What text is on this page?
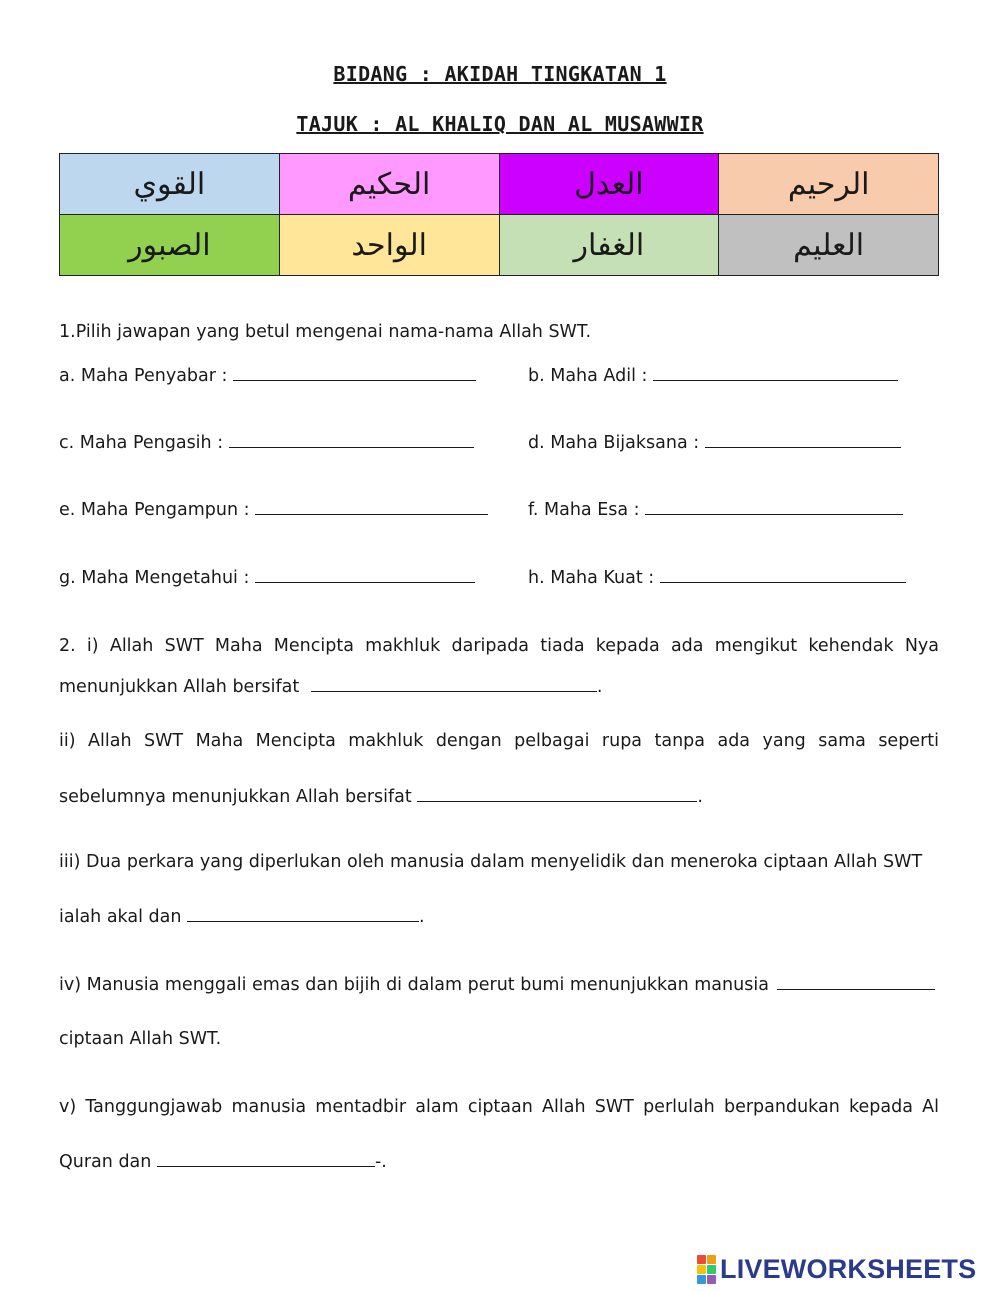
BIDANG : AKIDAH TINGKATAN 1
TAJUK : AL KHALIQ DAN AL MUSAWWIR
القوي	الحكيم	العدل	الرحيم
الصبور	الواحد	الغفار	العليم
1.Pilih jawapan yang betul mengenai nama-nama Allah SWT.
a. Maha Penyabar :	b. Maha Adil :
c. Maha Pengasih :	d. Maha Bijaksana :
e. Maha Pengampun :	f. Maha Esa :
g. Maha Mengetahui :	h. Maha Kuat :
2. i) Allah SWT Maha Mencipta makhluk daripada tiada kepada ada mengikut kehendak Nya
menunjukkan Allah bersifat	.
ii) Allah SWT Maha Mencipta makhluk dengan pelbagai rupa tanpa ada yang sama seperti
sebelumnya menunjukkan Allah bersifat	.
iii) Dua perkara yang diperlukan oleh manusia dalam menyelidik dan meneroka ciptaan Allah SWT
ialah akal dan	.
iv) Manusia menggali emas dan bijih di dalam perut bumi menunjukkan manusia
ciptaan Allah SWT.
v) Tanggungjawab manusia mentadbir alam ciptaan Allah SWT perlulah berpandukan kepada Al
Quran dan	-.
LIVEWORKSHEETS
